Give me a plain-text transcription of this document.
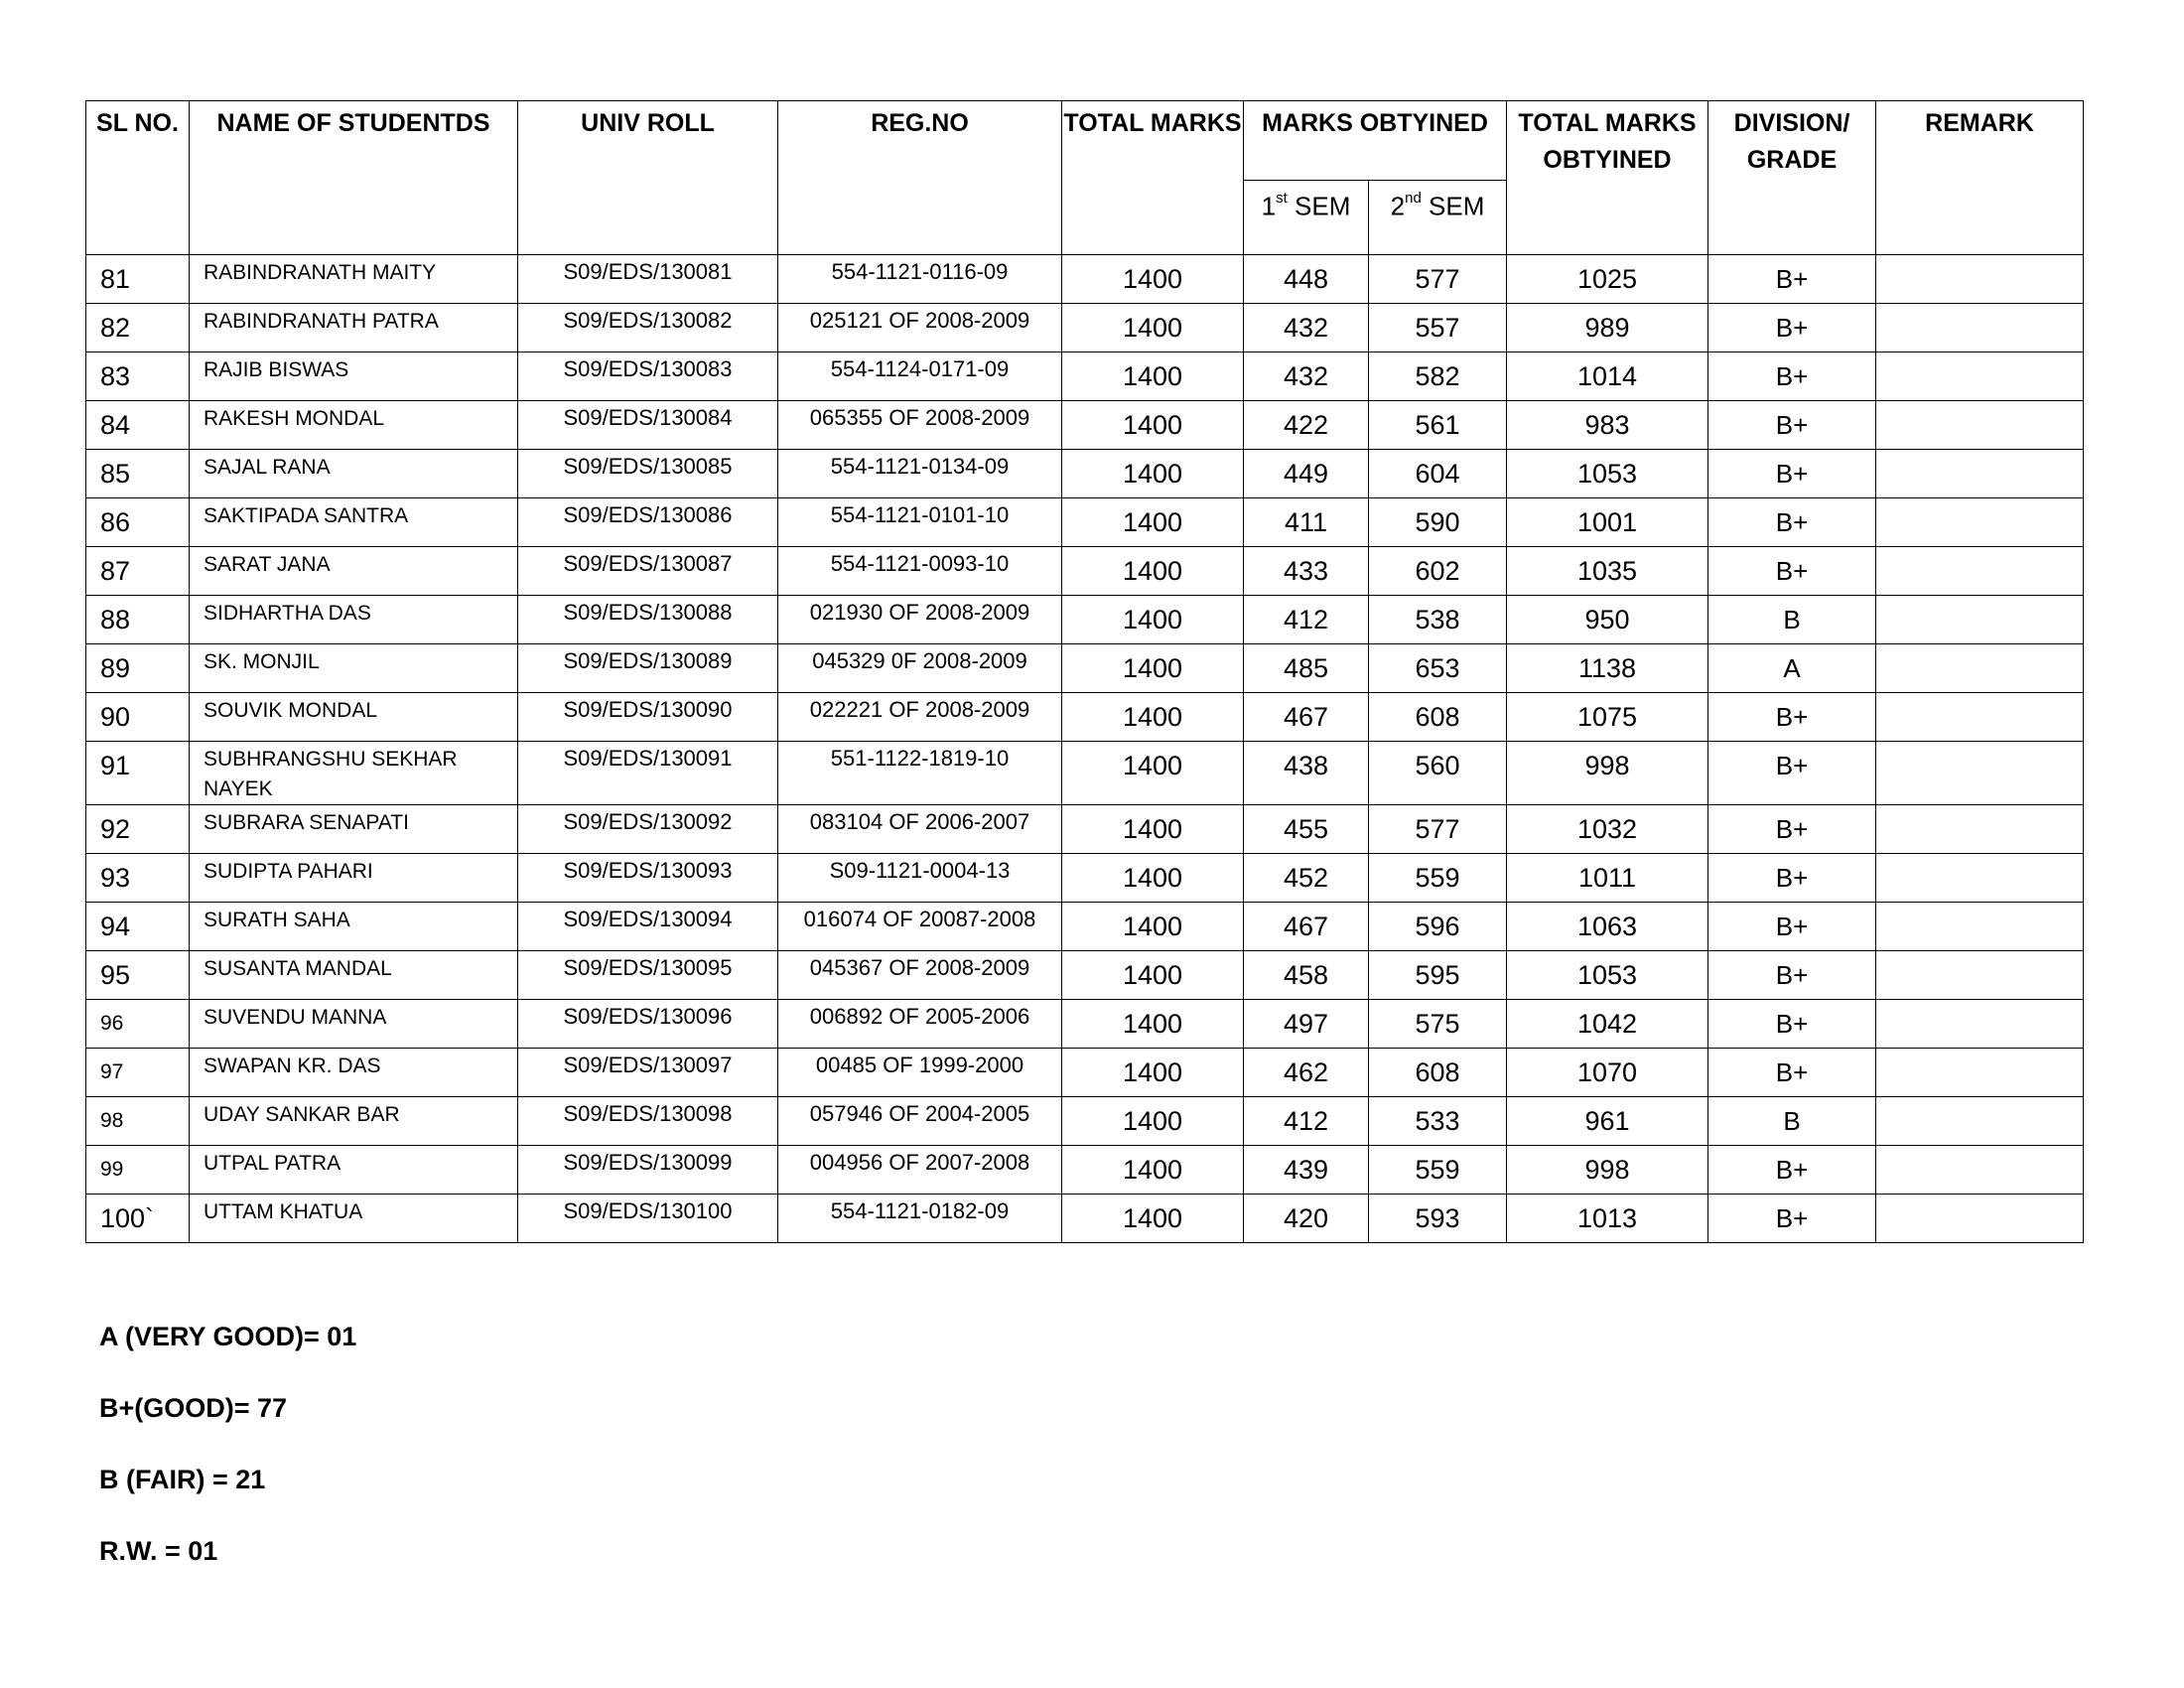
SL NO.	NAME OF STUDENTDS	UNIV ROLL	REG.NO	TOTAL MARKS	MARKS OBTYINED		TOTAL MARKS OBTYINED	DIVISION/ GRADE	REMARK
					1st SEM	2nd SEM			
81	RABINDRANATH MAITY	S09/EDS/130081	554-1121-0116-09	1400	448	577	1025	B+	
82	RABINDRANATH PATRA	S09/EDS/130082	025121 OF 2008-2009	1400	432	557	989	B+	
83	RAJIB BISWAS	S09/EDS/130083	554-1124-0171-09	1400	432	582	1014	B+	
84	RAKESH MONDAL	S09/EDS/130084	065355 OF 2008-2009	1400	422	561	983	B+	
85	SAJAL RANA	S09/EDS/130085	554-1121-0134-09	1400	449	604	1053	B+	
86	SAKTIPADA SANTRA	S09/EDS/130086	554-1121-0101-10	1400	411	590	1001	B+	
87	SARAT JANA	S09/EDS/130087	554-1121-0093-10	1400	433	602	1035	B+	
88	SIDHARTHA DAS	S09/EDS/130088	021930 OF 2008-2009	1400	412	538	950	B	
89	SK. MONJIL	S09/EDS/130089	045329 0F 2008-2009	1400	485	653	1138	A	
90	SOUVIK MONDAL	S09/EDS/130090	022221 OF 2008-2009	1400	467	608	1075	B+	
91	SUBHRANGSHU SEKHAR NAYEK	S09/EDS/130091	551-1122-1819-10	1400	438	560	998	B+	
92	SUBRARA SENAPATI	S09/EDS/130092	083104 OF 2006-2007	1400	455	577	1032	B+	
93	SUDIPTA PAHARI	S09/EDS/130093	S09-1121-0004-13	1400	452	559	1011	B+	
94	SURATH SAHA	S09/EDS/130094	016074 OF 20087-2008	1400	467	596	1063	B+	
95	SUSANTA MANDAL	S09/EDS/130095	045367 OF 2008-2009	1400	458	595	1053	B+	
96	SUVENDU MANNA	S09/EDS/130096	006892 OF 2005-2006	1400	497	575	1042	B+	
97	SWAPAN KR. DAS	S09/EDS/130097	00485 OF 1999-2000	1400	462	608	1070	B+	
98	UDAY SANKAR BAR	S09/EDS/130098	057946 OF 2004-2005	1400	412	533	961	B	
99	UTPAL PATRA	S09/EDS/130099	004956 OF 2007-2008	1400	439	559	998	B+	
100`	UTTAM KHATUA	S09/EDS/130100	554-1121-0182-09	1400	420	593	1013	B+	
A (VERY GOOD)= 01
B+(GOOD)= 77
B (FAIR) = 21
R.W. = 01
